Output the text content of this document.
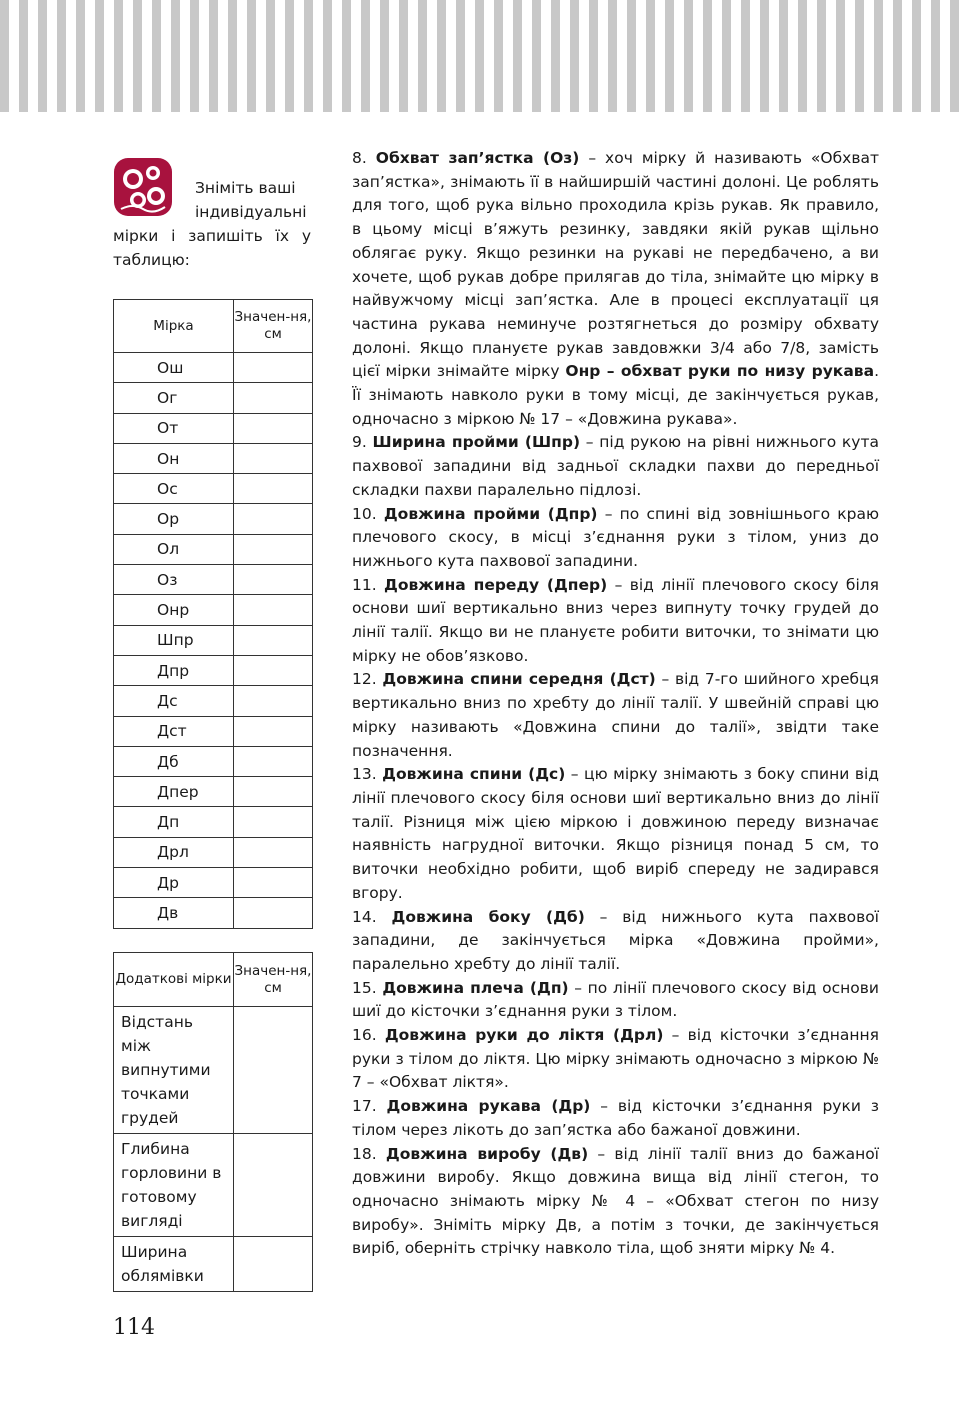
Зніміть ваші
індивідуальні
мірки і запишіть їх у таблицю:
Мірка	Значен-ня, см
Ош	
Ог	
От	
Он	
Ос	
Ор	
Ол	
Оз	
Онр	
Шпр	
Дпр	
Дс	
Дст	
Дб	
Дпер	
Дп	
Дрл	
Др	
Дв	
Додаткові мірки	Значен-ня, см
Відстань між випнутими точками грудей	
Глибина горловини в готовому вигляді	
Ширина облямівки	

8. Обхват зап’ястка (Оз) – хоч мірку й називають «Обхват зап’ястка», знімають її в найширшій частині долоні. Це роблять для того, щоб рука вільно проходила крізь рукав. Як правило, в цьому місці в’яжуть резинку, завдяки якій рукав щільно облягає руку. Якщо резинки на рукаві не передбачено, а ви хочете, щоб рукав добре прилягав до тіла, знімайте цю мірку в найвужчому місці зап’ястка. Але в процесі експлуатації ця частина рукава неминуче розтягнеться до розміру обхвату долоні. Якщо плануєте рукав завдовжки 3/4 або 7/8, замість цієї мірки знімайте мірку Онр – обхват руки по низу рукава. Її знімають навколо руки в тому місці, де закінчується рукав, одночасно з міркою № 17 – «Довжина рукава».

9. Ширина пройми (Шпр) – під рукою на рівні нижнього кута пахвової западини від задньої складки пахви до передньої складки пахви паралельно підлозі.

10. Довжина пройми (Дпр) – по спині від зовнішнього краю плечового скосу, в місці з’єднання руки з тілом, униз до нижнього кута пахвової западини.

11. Довжина переду (Дпер) – від лінії плечового скосу біля основи шиї вертикально вниз через випнуту точку грудей до лінії талії. Якщо ви не плануєте робити виточки, то знімати цю мірку не обов’язково.

12. Довжина спини середня (Дст) – від 7-го шийного хребця вертикально вниз по хребту до лінії талії. У швейній справі цю мірку називають «Довжина спини до талії», звідти таке позначення.

13. Довжина спини (Дс) – цю мірку знімають з боку спини від лінії плечового скосу біля основи шиї вертикально вниз до лінії талії. Різниця між цією міркою і довжиною переду визначає наявність нагрудної виточки. Якщо різниця понад 5 см, то виточки необхідно робити, щоб виріб спереду не задирався вгору.

14. Довжина боку (Дб) – від нижнього кута пахвової западини, де закінчується мірка «Довжина пройми», паралельно хребту до лінії талії.

15. Довжина плеча (Дп) – по лінії плечового скосу від основи шиї до кісточки з’єднання руки з тілом.

16. Довжина руки до ліктя (Дрл) – від кісточки з’єднання руки з тілом до ліктя. Цю мірку знімають одночасно з міркою № 7 – «Обхват ліктя».

17. Довжина рукава (Др) – від кісточки з’єднання руки з тілом через лікоть до зап’ястка або бажаної довжини.

18. Довжина виробу (Дв) – від лінії талії вниз до бажаної довжини виробу. Якщо довжина вища від лінії стегон, то одночасно знімають мірку № 4 – «Обхват стегон по низу виробу». Зніміть мірку Дв, а потім з точки, де закінчується виріб, оберніть стрічку навколо тіла, щоб зняти мірку № 4.

114
